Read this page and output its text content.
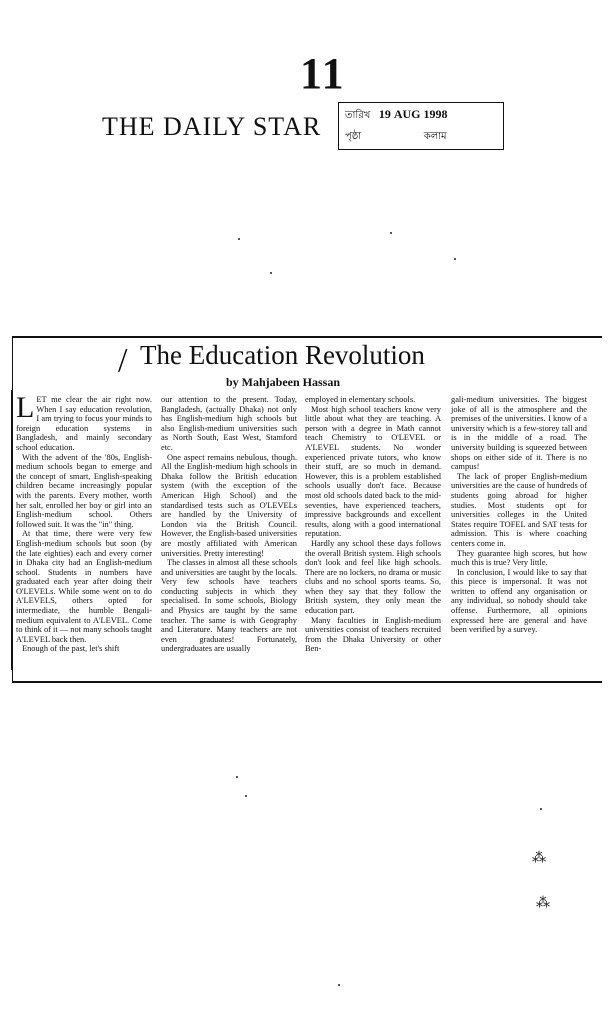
11
THE DAILY STAR তারিখ 19 AUG 1998
পৃষ্ঠা	কলাম
/ The Education Revolution
by Mahjabeen Hassan
L ET me clear the air right now. When I say education revolution, I am trying to focus your minds to foreign education systems in Bangladesh, and mainly secondary school education.

With the advent of the '80s, English-medium schools began to emerge and the concept of smart, English-speaking children became increasingly popular with the parents. Every mother, worth her salt, enrolled her boy or girl into an English-medium school. Others followed suit. It was the "in" thing.

At that time, there were very few English-medium schools but soon (by the late eighties) each and every corner in Dhaka city had an English-medium school. Students in numbers have graduated each year after doing their O'LEVELs. While some went on to do A'LEVELS, others opted for intermediate, the humble Bengali-medium equivalent to A'LEVEL. Come to think of it — not many schools taught A'LEVEL back then.

Enough of the past, let's shift

our attention to the present. Today, Bangladesh, (actually Dhaka) not only has English-medium high schools but also English-medium universities such as North South, East West, Stamford etc.

One aspect remains nebulous, though. All the English-medium high schools in Dhaka follow the British education system (with the exception of the American High School) and the standardised tests such as O'LEVELs are handled by the University of London via the British Council. However, the English-based universities are mostly affiliated with American universities. Pretty interesting!

The classes in almost all these schools and universities are taught by the locals. Very few schools have teachers conducting subjects in which they specialised. In some schools, Biology and Physics are taught by the same teacher. The same is with Geography and Literature. Many teachers are not even graduates! Fortunately, undergraduates are usually

employed in elementary schools.

Most high school teachers know very little about what they are teaching. A person with a degree in Math cannot teach Chemistry to O'LEVEL or A'LEVEL students. No wonder experienced private tutors, who know their stuff, are so much in demand. However, this is a problem established schools usually don't face. Because most old schools dated back to the mid-seventies, have experienced teachers, impressive backgrounds and excellent results, along with a good international reputation.

Hardly any school these days follows the overall British system. High schools don't look and feel like high schools. There are no lockers, no drama or music clubs and no school sports teams. So, when they say that they follow the British system, they only mean the education part.

Many faculties in English-medium universities consist of teachers recruited from the Dhaka University or other Ben-

gali-medium universities. The biggest joke of all is the atmosphere and the premises of the universities. I know of a university which is a few-storey tall and is in the middle of a road. The university building is squeezed between shops on either side of it. There is no campus!

The lack of proper English-medium universities are the cause of hundreds of students going abroad for higher studies. Most students opt for universities colleges in the United States require TOFEL and SAT tests for admission. This is where coaching centers come in.

They guarantee high scores, but how much this is true? Very little.

In conclusion, I would like to say that this piece is impersonal. It was not written to offend any organisation or any individual, so nobody should take offense. Furthermore, all opinions expressed here are general and have been verified by a survey.

⁂
⁂
